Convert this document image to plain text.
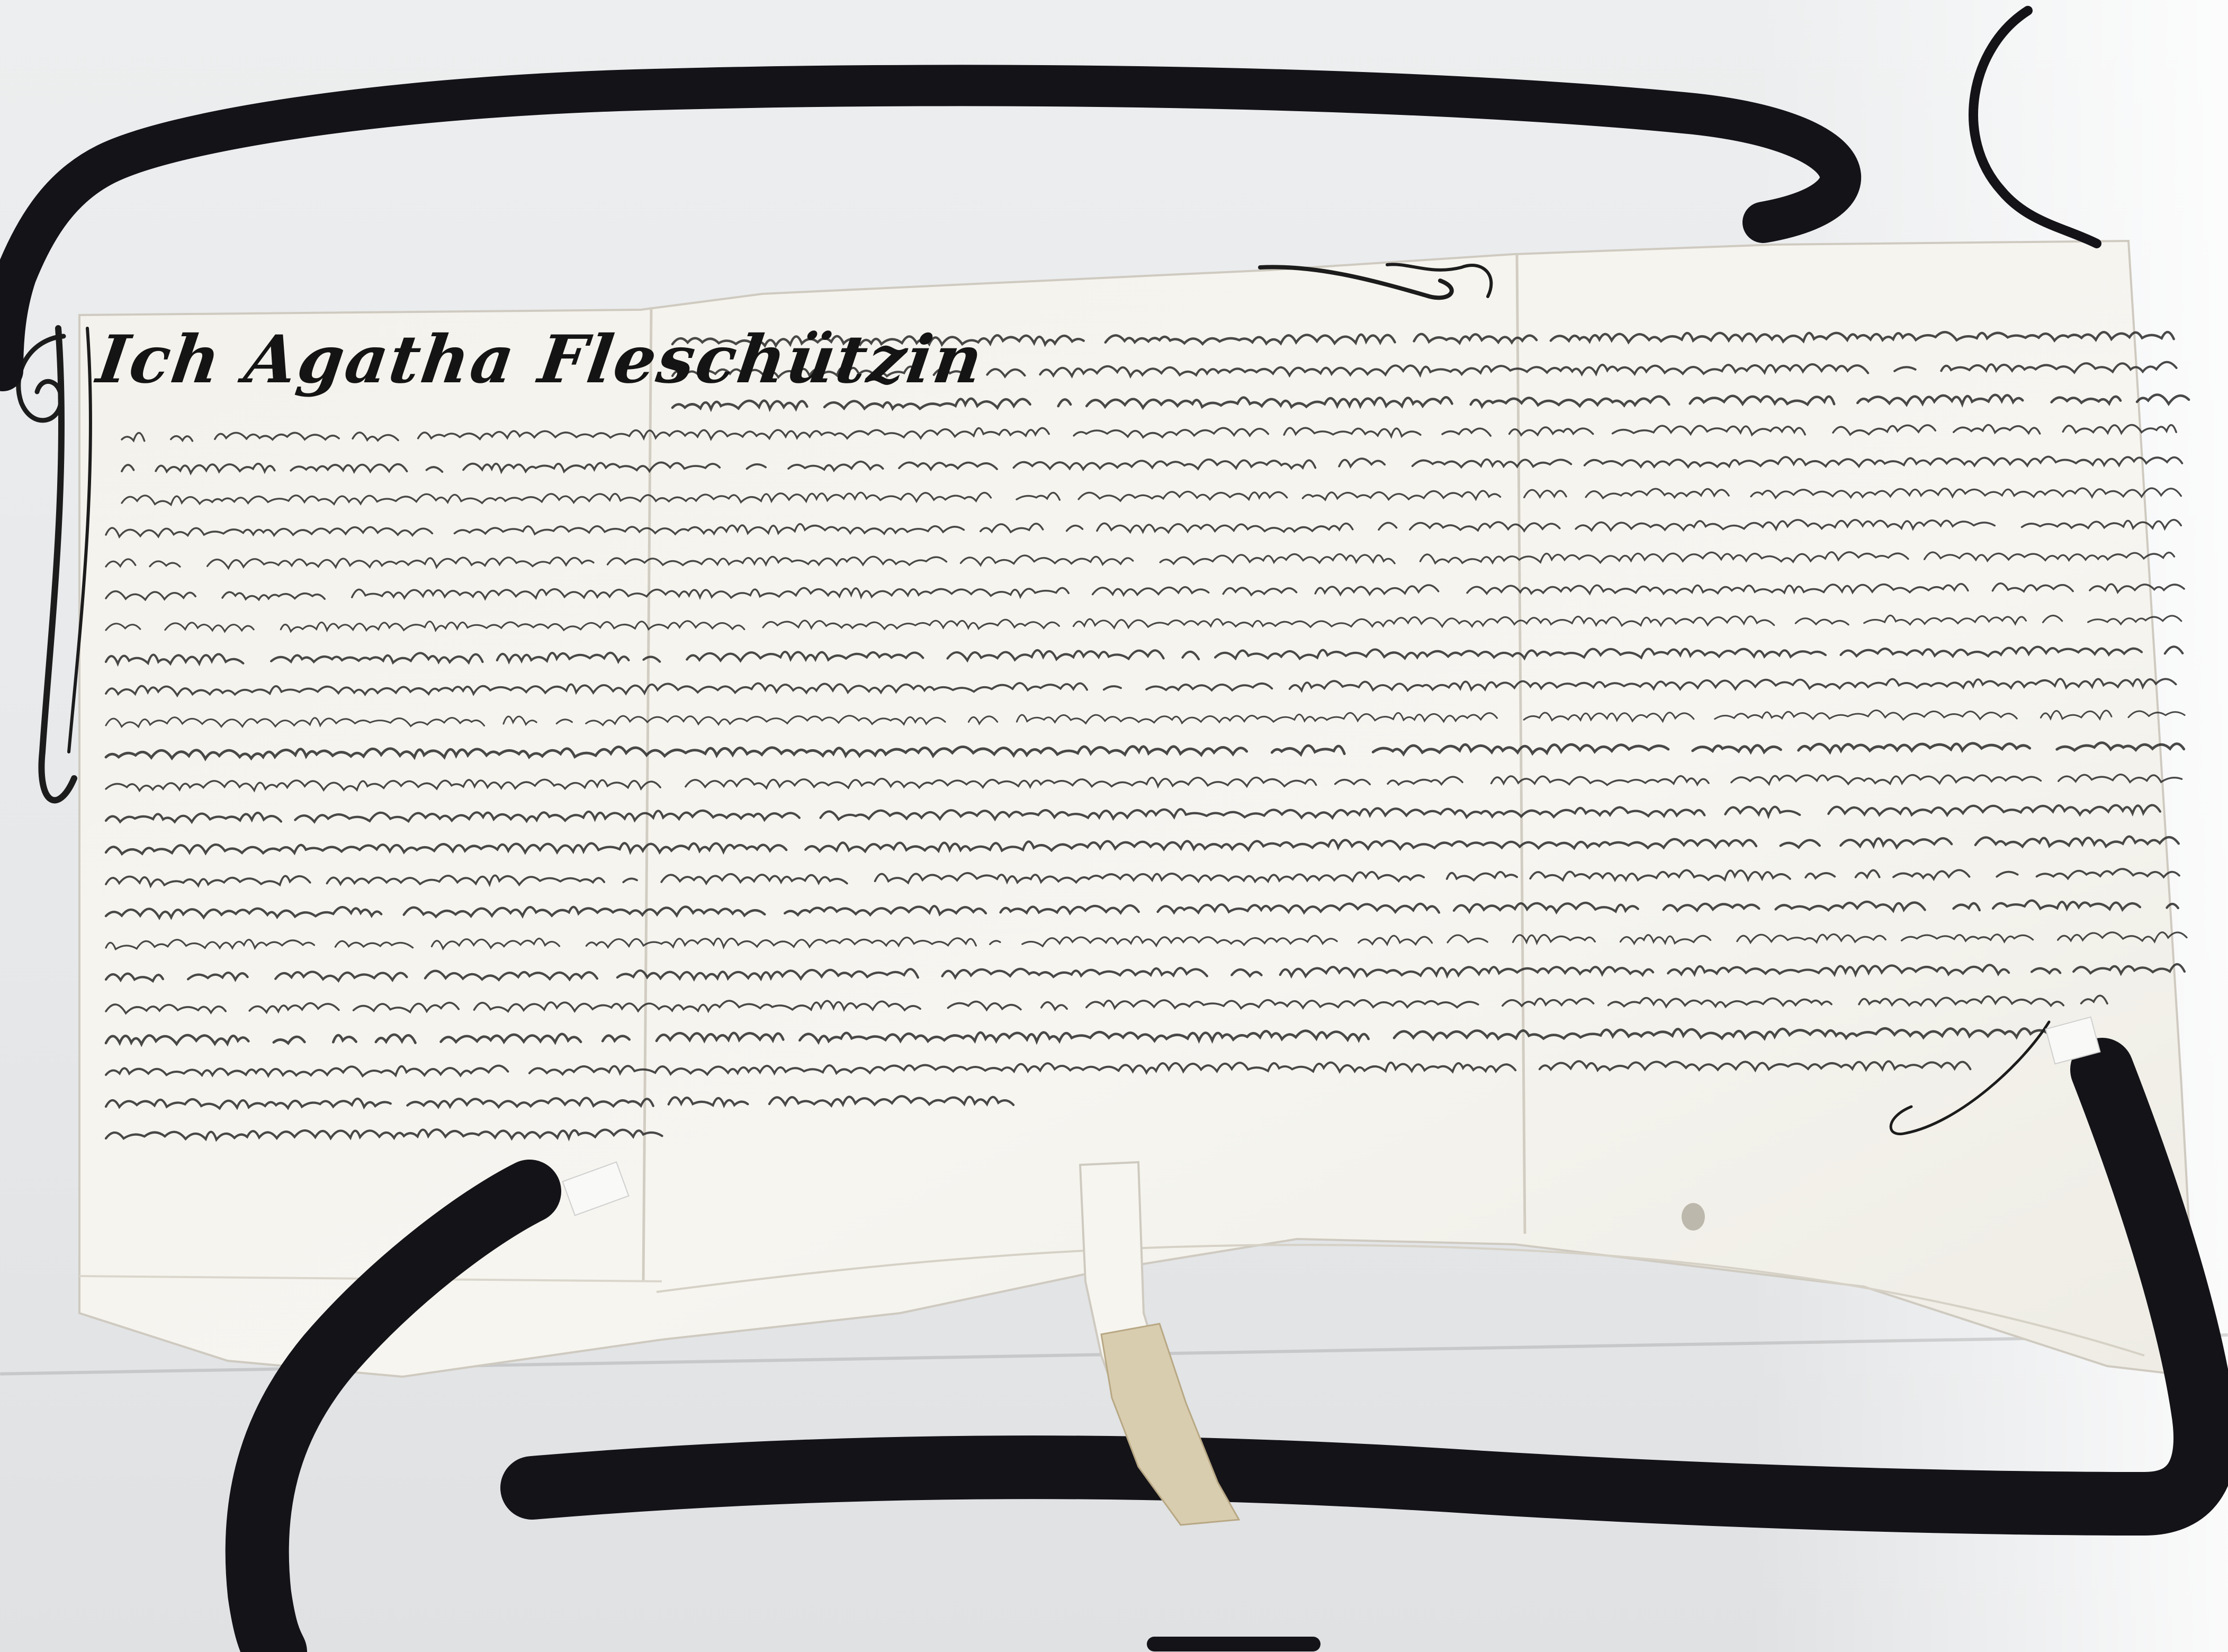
Ich Agatha Fleschützin
